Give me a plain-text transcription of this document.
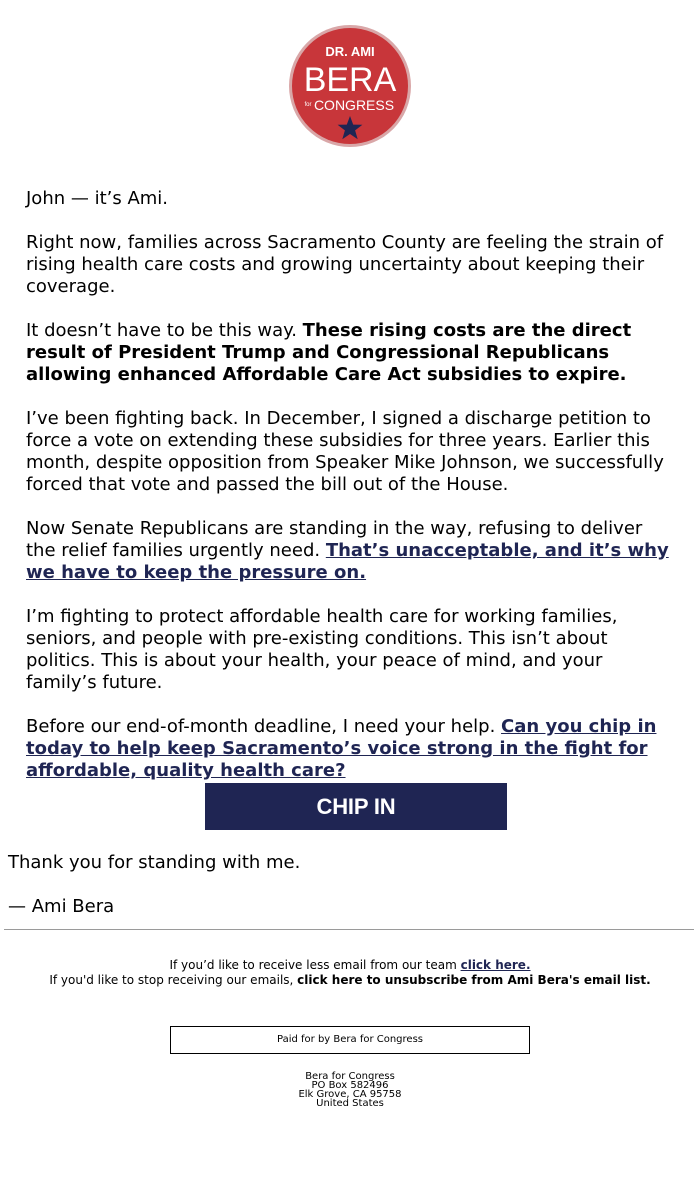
DR. AMI
BERA
for CONGRESS

John — it’s Ami.

Right now, families across Sacramento County are feeling the strain of rising health care costs and growing uncertainty about keeping their coverage.

It doesn’t have to be this way. These rising costs are the direct result of President Trump and Congressional Republicans allowing enhanced Affordable Care Act subsidies to expire.

I’ve been fighting back. In December, I signed a discharge petition to force a vote on extending these subsidies for three years. Earlier this month, despite opposition from Speaker Mike Johnson, we successfully forced that vote and passed the bill out of the House.

Now Senate Republicans are standing in the way, refusing to deliver the relief families urgently need. That’s unacceptable, and it’s why we have to keep the pressure on.

I’m fighting to protect affordable health care for working families, seniors, and people with pre-existing conditions. This isn’t about politics. This is about your health, your peace of mind, and your family’s future.

Before our end-of-month deadline, I need your help. Can you chip in today to help keep Sacramento’s voice strong in the fight for affordable, quality health care?

CHIP IN

Thank you for standing with me.

— Ami Bera

If you’d like to receive less email from our team click here.
If you'd like to stop receiving our emails, click here to unsubscribe from Ami Bera's email list.
Paid for by Bera for Congress
Bera for Congress
PO Box 582496
Elk Grove, CA 95758
United States
